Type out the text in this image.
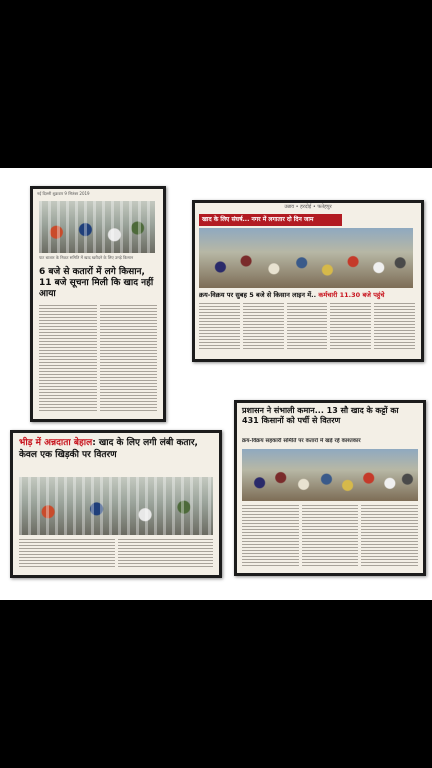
नई दिल्ली शुक्रवार 9 सितंबर 2019
पाट बाजार के निकट समिति में खाद खरीदने के लिए उमड़े किसान
6 बजे से कतारों में लगे किसान, 11 बजे सूचना मिली कि खाद नहीं आया
उन्नाव • हरदोई • फतेहपुर
खाद के लिए संघर्ष... नगर में लगातार दो दिन जाम
क्रय-विक्रय पर सुबह 5 बजे से किसान लाइन में.. कर्मचारी 11.30 बजे पहुंचे
भीड़ में अन्नदाता बेहाल: खाद के लिए लगी लंबी कतार, केवल एक खिड़की पर वितरण
प्रशासन ने संभाली कमान... 13 सौ खाद के कट्टों का 431 किसानों को पर्ची से वितरण
क्रय-विक्रय सहकारी समिति पर कतारों में खड़े रहे काश्तकार
